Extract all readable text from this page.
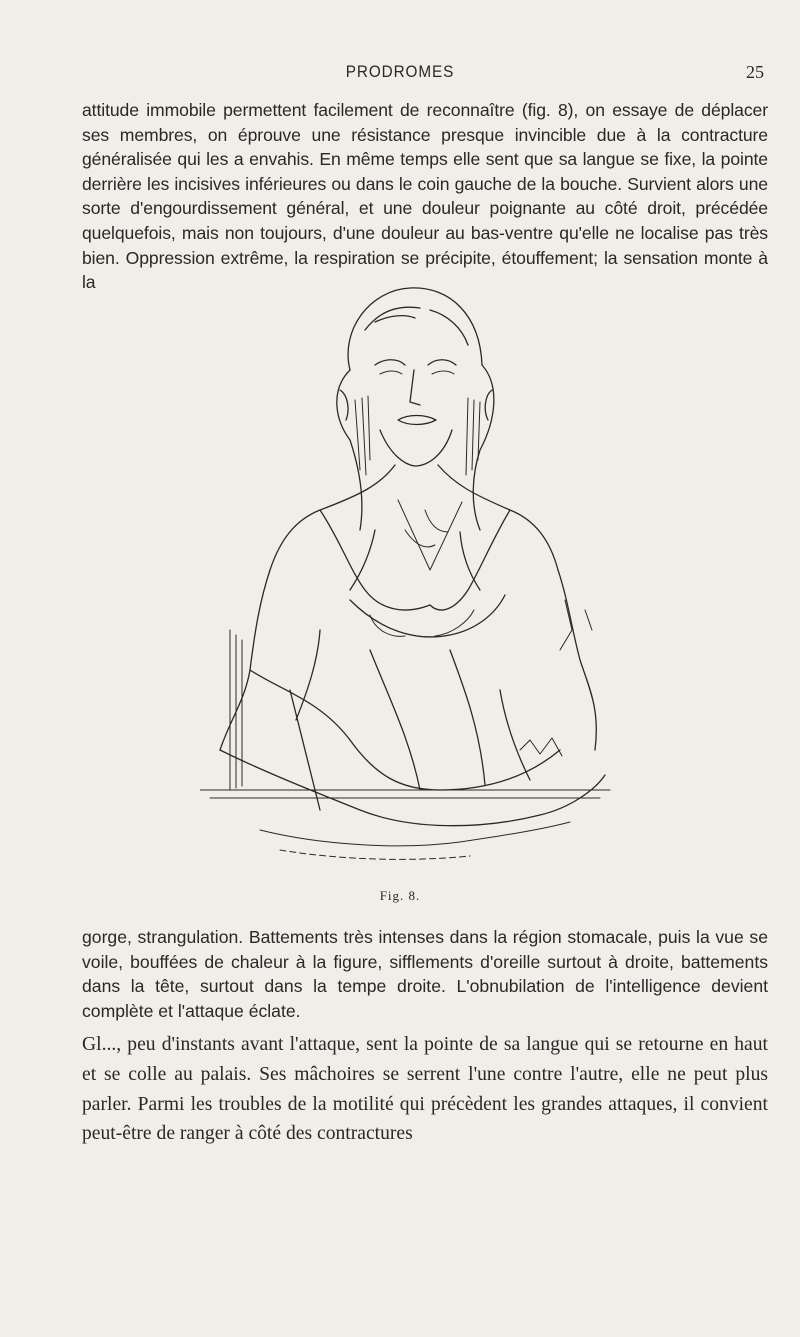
PRODROMES	25

attitude immobile permettent facilement de reconnaître (fig. 8), on essaye de déplacer ses membres, on éprouve une résistance presque invincible due à la contracture généralisée qui les a envahis. En même temps elle sent que sa langue se fixe, la pointe derrière les incisives inférieures ou dans le coin gauche de la bouche. Survient alors une sorte d'engourdissement général, et une douleur poignante au côté droit, précédée quelquefois, mais non toujours, d'une douleur au bas-ventre qu'elle ne localise pas très bien. Oppression extrême, la respiration se précipite, étouffement; la sensation monte à la

Fig. 8.

gorge, strangulation. Battements très intenses dans la région stomacale, puis la vue se voile, bouffées de chaleur à la figure, sifflements d'oreille surtout à droite, battements dans la tête, surtout dans la tempe droite. L'obnubilation de l'intelligence devient complète et l'attaque éclate.

Gl..., peu d'instants avant l'attaque, sent la pointe de sa langue qui se retourne en haut et se colle au palais. Ses mâchoires se serrent l'une contre l'autre, elle ne peut plus parler. Parmi les troubles de la motilité qui précèdent les grandes attaques, il convient peut-être de ranger à côté des contractures
